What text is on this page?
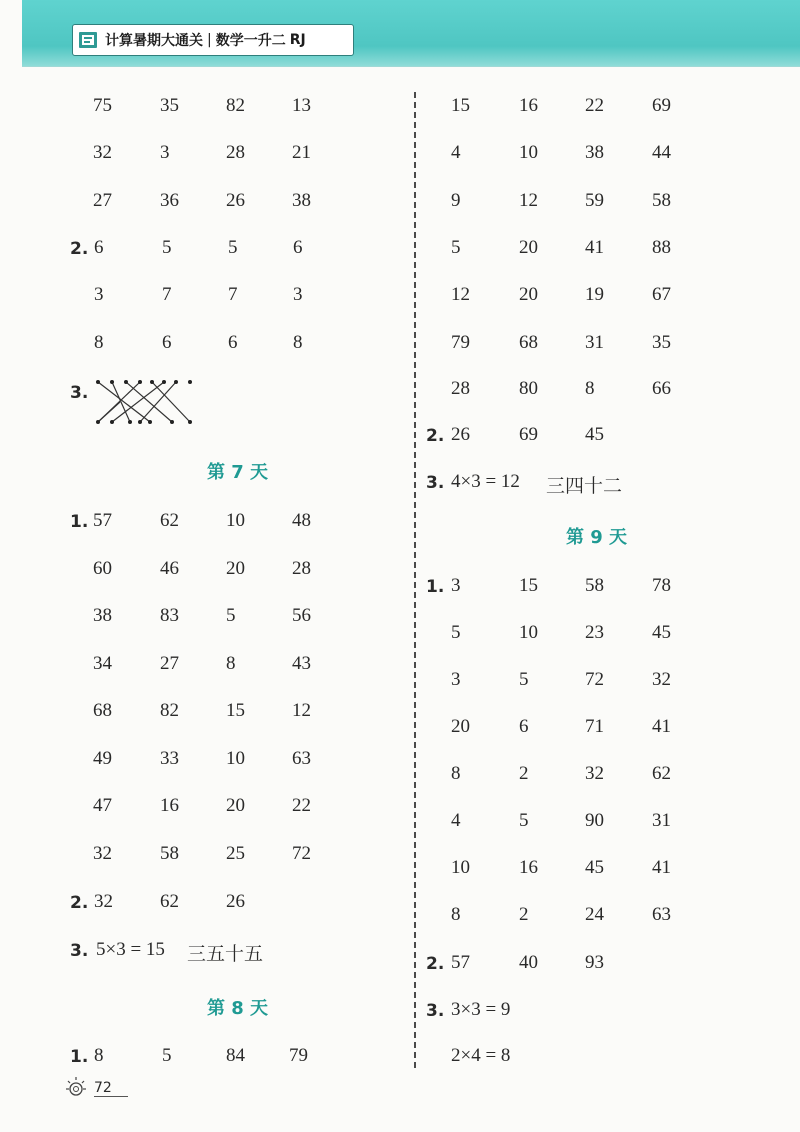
计算暑期大通关 | 数学一升二 RJ
75	35 82 13
32	3	28 21
27	36 26 38
2. 6	5	5	6
3	7	7	3
8	6	6	8
3.
第 7 天
1. 57	62 10 48
60	46 20 28
38	83 5	56
34	27 8	43
68	82 15 12
49	33 10 63
47	16 20 22
32	58 25 72
2. 32 62 26
3. 5×3 = 15 三五十五
第 8 天
1. 8	5	84 79
15	16 22	69
4	10 38	44
9	12 59	58
5	20 41	88
12	20 19	67
79	68 31	35
28	80 8	66
2. 26	69 45
3. 4×3 = 12 三四十二
第 9 天
1. 3	15 58	78
5	10 23	45
3	5	72	32
20	6	71	41
8	2	32	62
4	5	90	31
10	16 45	41
8	2	24	63
2. 57	40 93
3. 3×3 = 9
2×4 = 8
72
